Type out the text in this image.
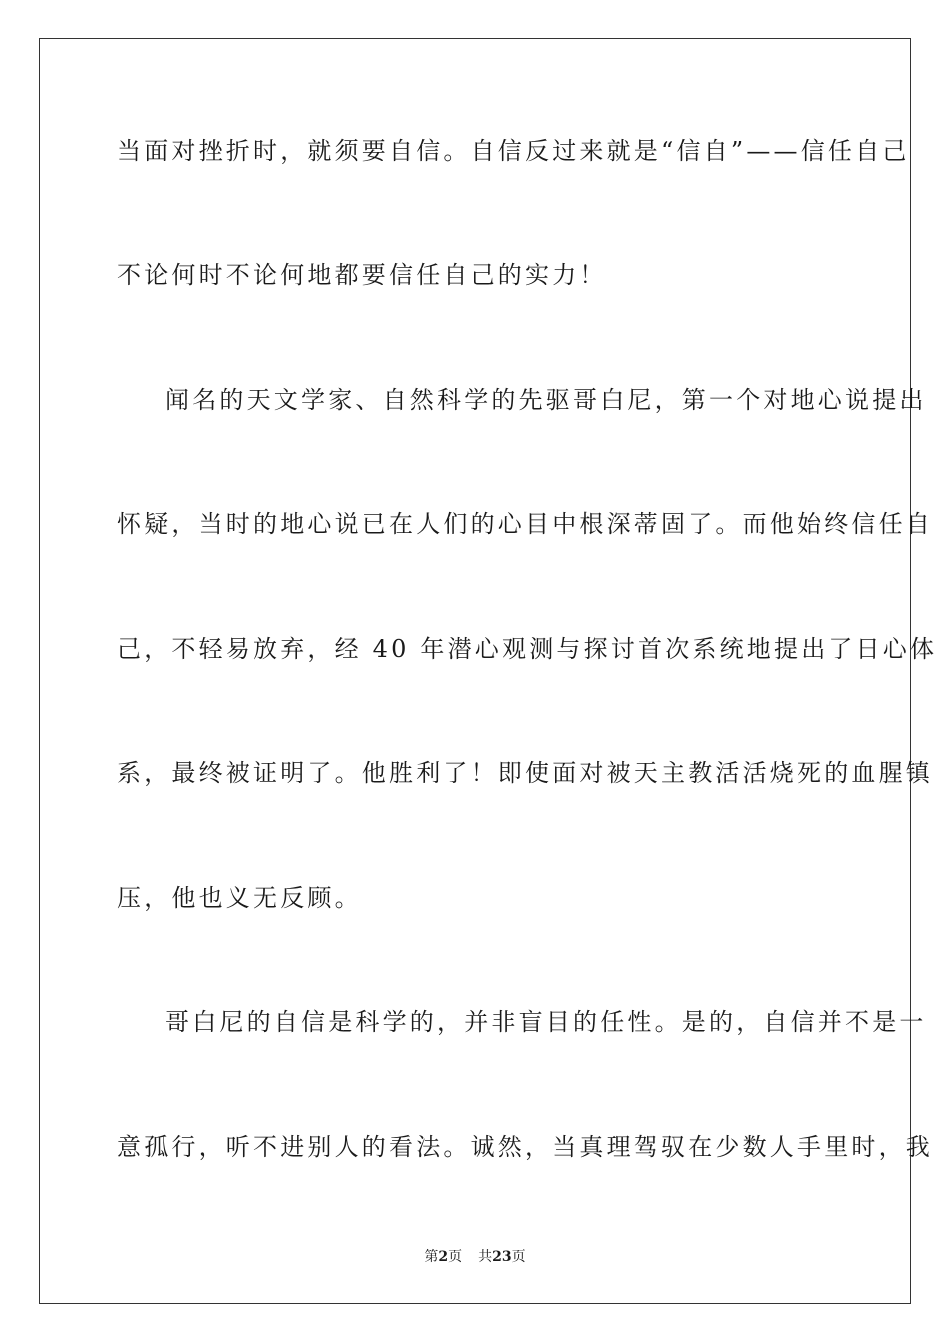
当面对挫折时，就须要自信。自信反过来就是“信自”——信任自己
不论何时不论何地都要信任自己的实力！
闻名的天文学家、自然科学的先驱哥白尼，第一个对地心说提出
怀疑，当时的地心说已在人们的心目中根深蒂固了。而他始终信任自
己，不轻易放弃，经 40 年潜心观测与探讨首次系统地提出了日心体
系，最终被证明了。他胜利了！即使面对被天主教活活烧死的血腥镇
压，他也义无反顾。
哥白尼的自信是科学的，并非盲目的任性。是的，自信并不是一
意孤行，听不进别人的看法。诚然，当真理驾驭在少数人手里时，我
第2页 共23页
